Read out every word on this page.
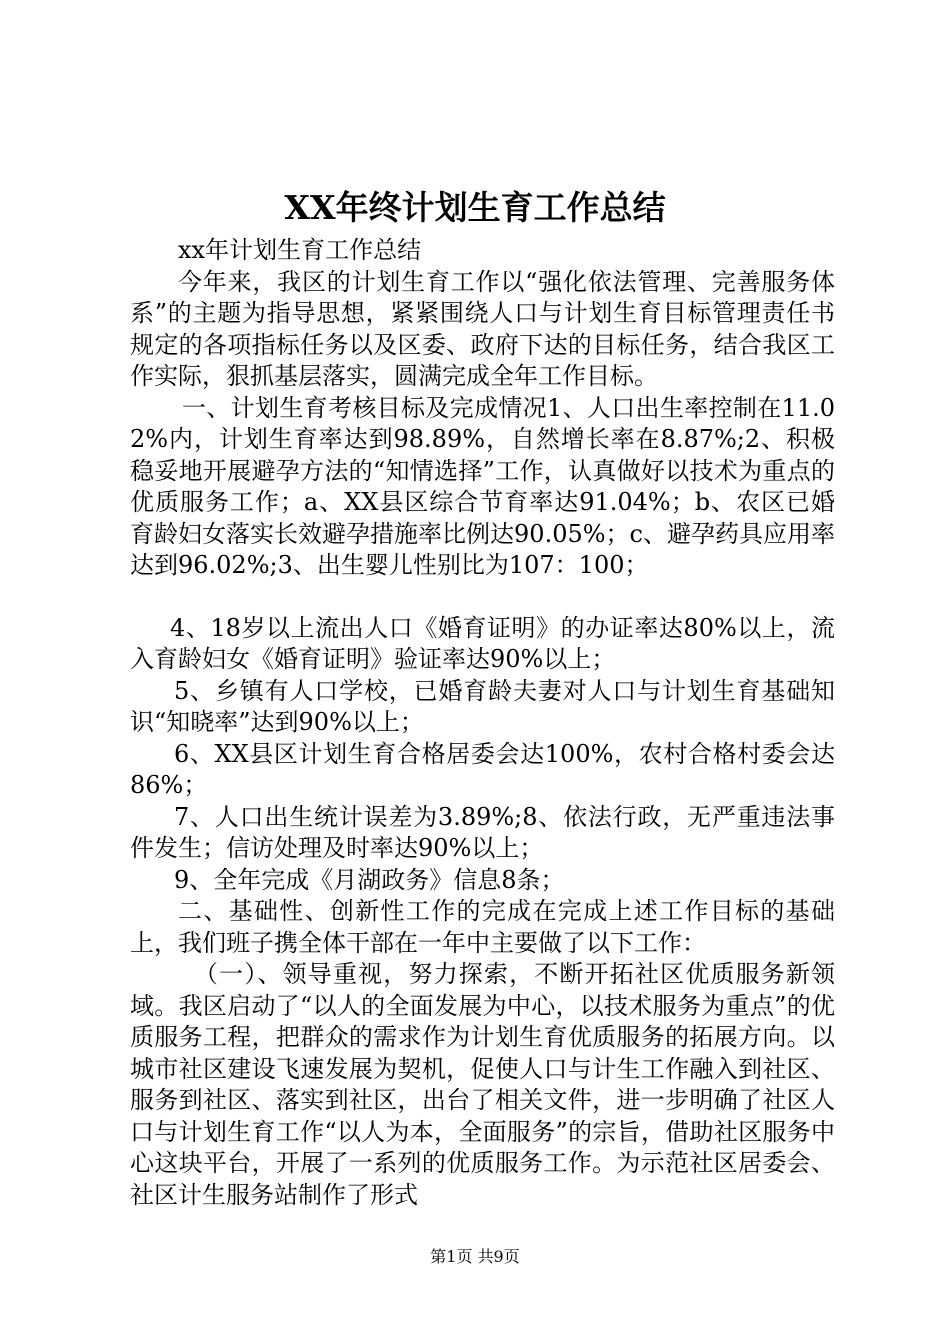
XX年终计划生育工作总结

xx年计划生育工作总结

今年来，我区的计划生育工作以“强化依法管理、完善服务体系”的主题为指导思想，紧紧围绕人口与计划生育目标管理责任书规定的各项指标任务以及区委、政府下达的目标任务，结合我区工作实际，狠抓基层落实，圆满完成全年工作目标。

一、计划生育考核目标及完成情况1、人口出生率控制在11.02%内，计划生育率达到98.89%，自然增长率在8.87%;2、积极稳妥地开展避孕方法的“知情选择”工作，认真做好以技术为重点的优质服务工作；a、XX县区综合节育率达91.04%；b、农区已婚育龄妇女落实长效避孕措施率比例达90.05%；c、避孕药具应用率达到96.02%;3、出生婴儿性别比为107：100；

4、18岁以上流出人口《婚育证明》的办证率达80%以上，流入育龄妇女《婚育证明》验证率达90%以上；

5、乡镇有人口学校，已婚育龄夫妻对人口与计划生育基础知识“知晓率”达到90%以上；

6、XX县区计划生育合格居委会达100%，农村合格村委会达86%；

7、人口出生统计误差为3.89%;8、依法行政，无严重违法事件发生；信访处理及时率达90%以上；

9、全年完成《月湖政务》信息8条；

二、基础性、创新性工作的完成在完成上述工作目标的基础上，我们班子携全体干部在一年中主要做了以下工作：

（一）、领导重视，努力探索，不断开拓社区优质服务新领域。我区启动了“以人的全面发展为中心，以技术服务为重点”的优质服务工程，把群众的需求作为计划生育优质服务的拓展方向。以城市社区建设飞速发展为契机，促使人口与计生工作融入到社区、服务到社区、落实到社区，出台了相关文件，进一步明确了社区人口与计划生育工作“以人为本，全面服务”的宗旨，借助社区服务中心这块平台，开展了一系列的优质服务工作。为示范社区居委会、社区计生服务站制作了形式

第1页 共9页
